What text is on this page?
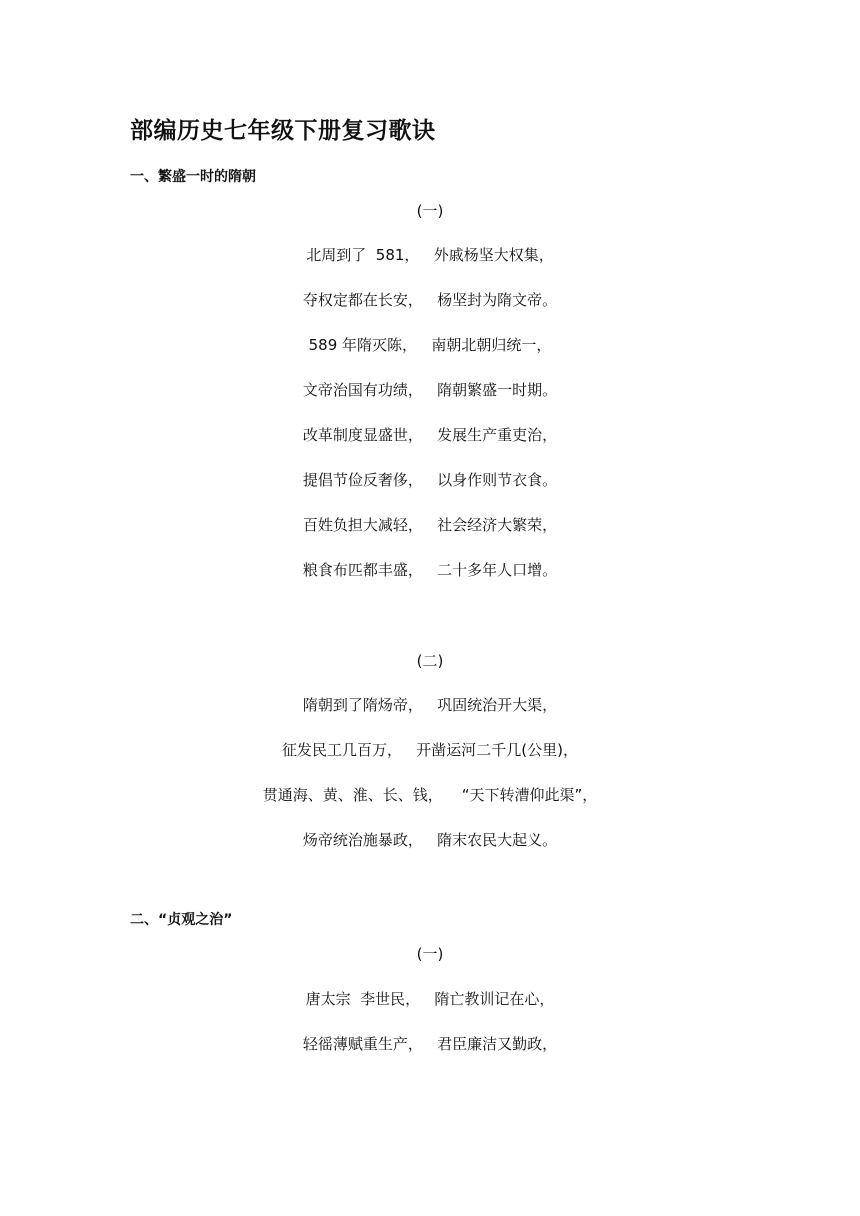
部编历史七年级下册复习歌诀
一、繁盛一时的隋朝
(一)
北周到了  581，   外戚杨坚大权集，
夺权定都在长安，   杨坚封为隋文帝。
589 年隋灭陈，   南朝北朝归统一，
文帝治国有功绩，   隋朝繁盛一时期。
改革制度显盛世，   发展生产重吏治，
提倡节俭反奢侈，   以身作则节衣食。
百姓负担大减轻，   社会经济大繁荣，
粮食布匹都丰盛，   二十多年人口增。
(二)
隋朝到了隋炀帝，   巩固统治开大渠，
征发民工几百万，   开凿运河二千几(公里)，
贯通海、黄、淮、长、钱，    “天下转漕仰此渠”，
炀帝统治施暴政，   隋末农民大起义。
二、“贞观之治”
(一)
唐太宗  李世民，   隋亡教训记在心，
轻徭薄赋重生产，   君臣廉洁又勤政，
